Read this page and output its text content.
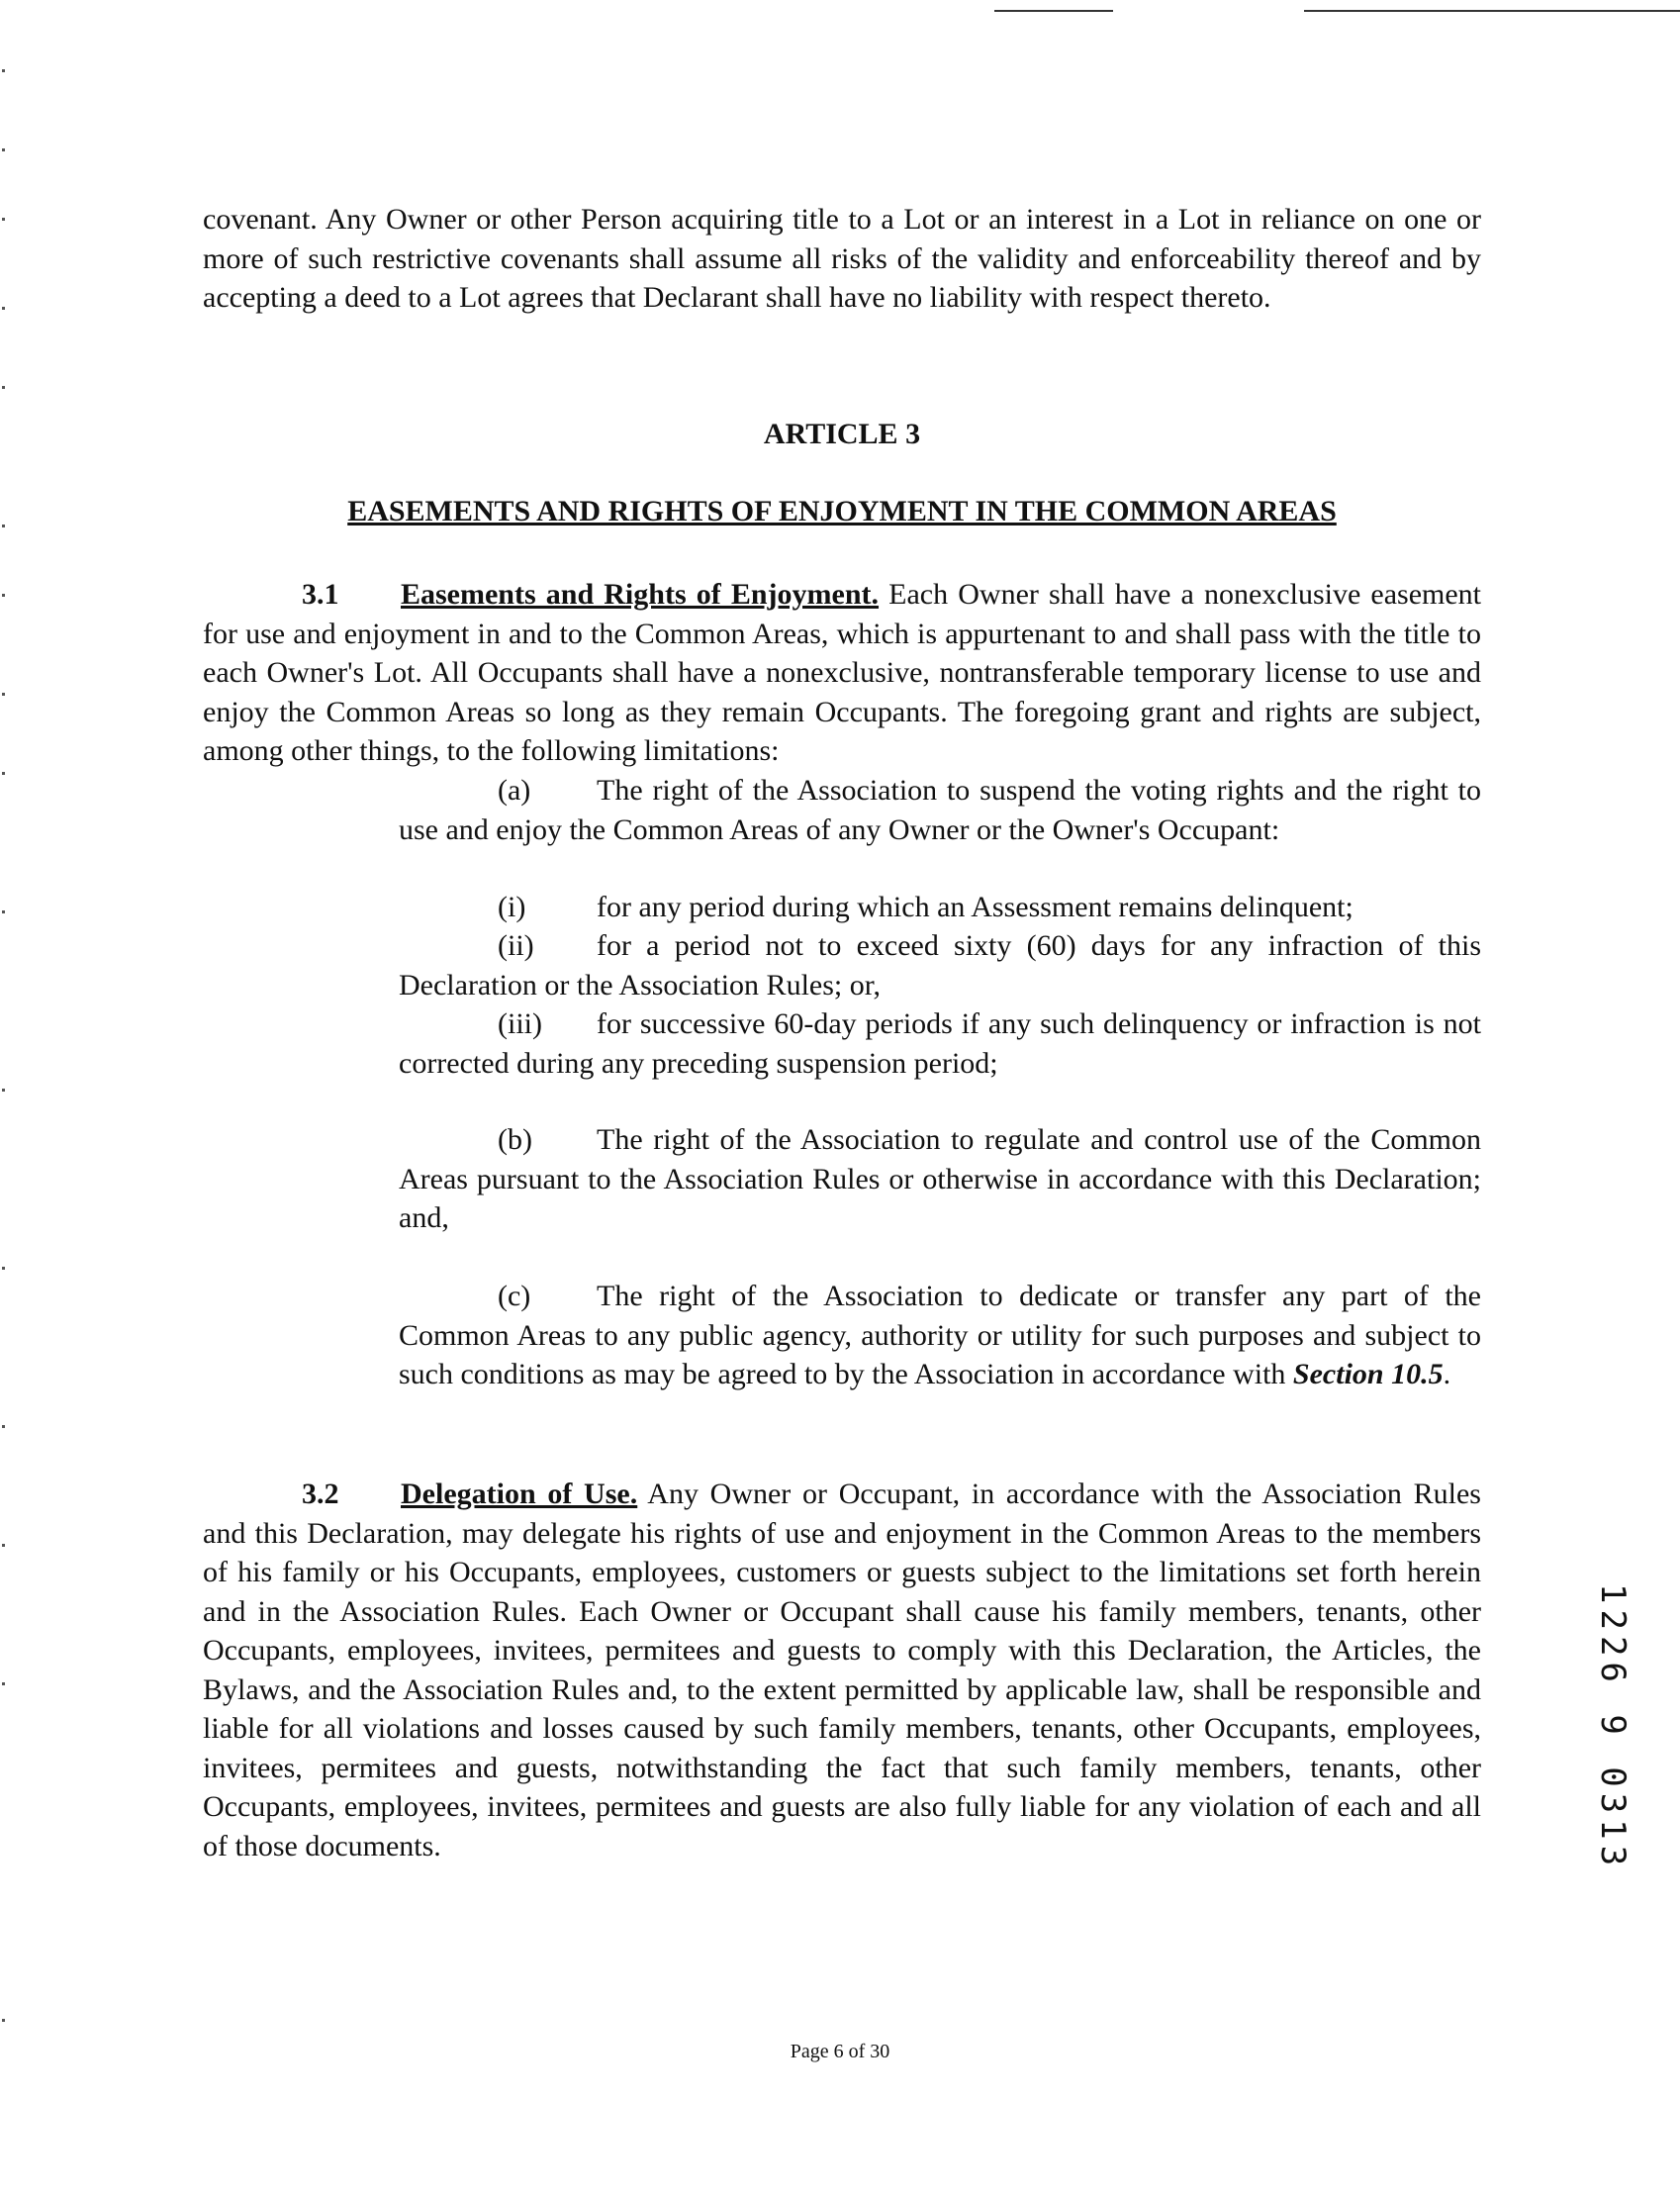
covenant. Any Owner or other Person acquiring title to a Lot or an interest in a Lot in reliance on one or more of such restrictive covenants shall assume all risks of the validity and enforceability thereof and by accepting a deed to a Lot agrees that Declarant shall have no liability with respect thereto.

ARTICLE 3

EASEMENTS AND RIGHTS OF ENJOYMENT IN THE COMMON AREAS

3.1 Easements and Rights of Enjoyment. Each Owner shall have a nonexclusive easement for use and enjoyment in and to the Common Areas, which is appurtenant to and shall pass with the title to each Owner's Lot. All Occupants shall have a nonexclusive, nontransferable temporary license to use and enjoy the Common Areas so long as they remain Occupants. The foregoing grant and rights are subject, among other things, to the following limitations:

(a) The right of the Association to suspend the voting rights and the right to use and enjoy the Common Areas of any Owner or the Owner's Occupant:

(i) for any period during which an Assessment remains delinquent;

(ii) for a period not to exceed sixty (60) days for any infraction of this Declaration or the Association Rules; or,

(iii) for successive 60-day periods if any such delinquency or infraction is not corrected during any preceding suspension period;

(b) The right of the Association to regulate and control use of the Common Areas pursuant to the Association Rules or otherwise in accordance with this Declaration; and,

(c) The right of the Association to dedicate or transfer any part of the Common Areas to any public agency, authority or utility for such purposes and subject to such conditions as may be agreed to by the Association in accordance with Section 10.5.

3.2 Delegation of Use. Any Owner or Occupant, in accordance with the Association Rules and this Declaration, may delegate his rights of use and enjoyment in the Common Areas to the members of his family or his Occupants, employees, customers or guests subject to the limitations set forth herein and in the Association Rules. Each Owner or Occupant shall cause his family members, tenants, other Occupants, employees, invitees, permitees and guests to comply with this Declaration, the Articles, the Bylaws, and the Association Rules and, to the extent permitted by applicable law, shall be responsible and liable for all violations and losses caused by such family members, tenants, other Occupants, employees, invitees, permitees and guests, notwithstanding the fact that such family members, tenants, other Occupants, employees, invitees, permitees and guests are also fully liable for any violation of each and all of those documents.	1226 9 0313
Page 6 of 30
